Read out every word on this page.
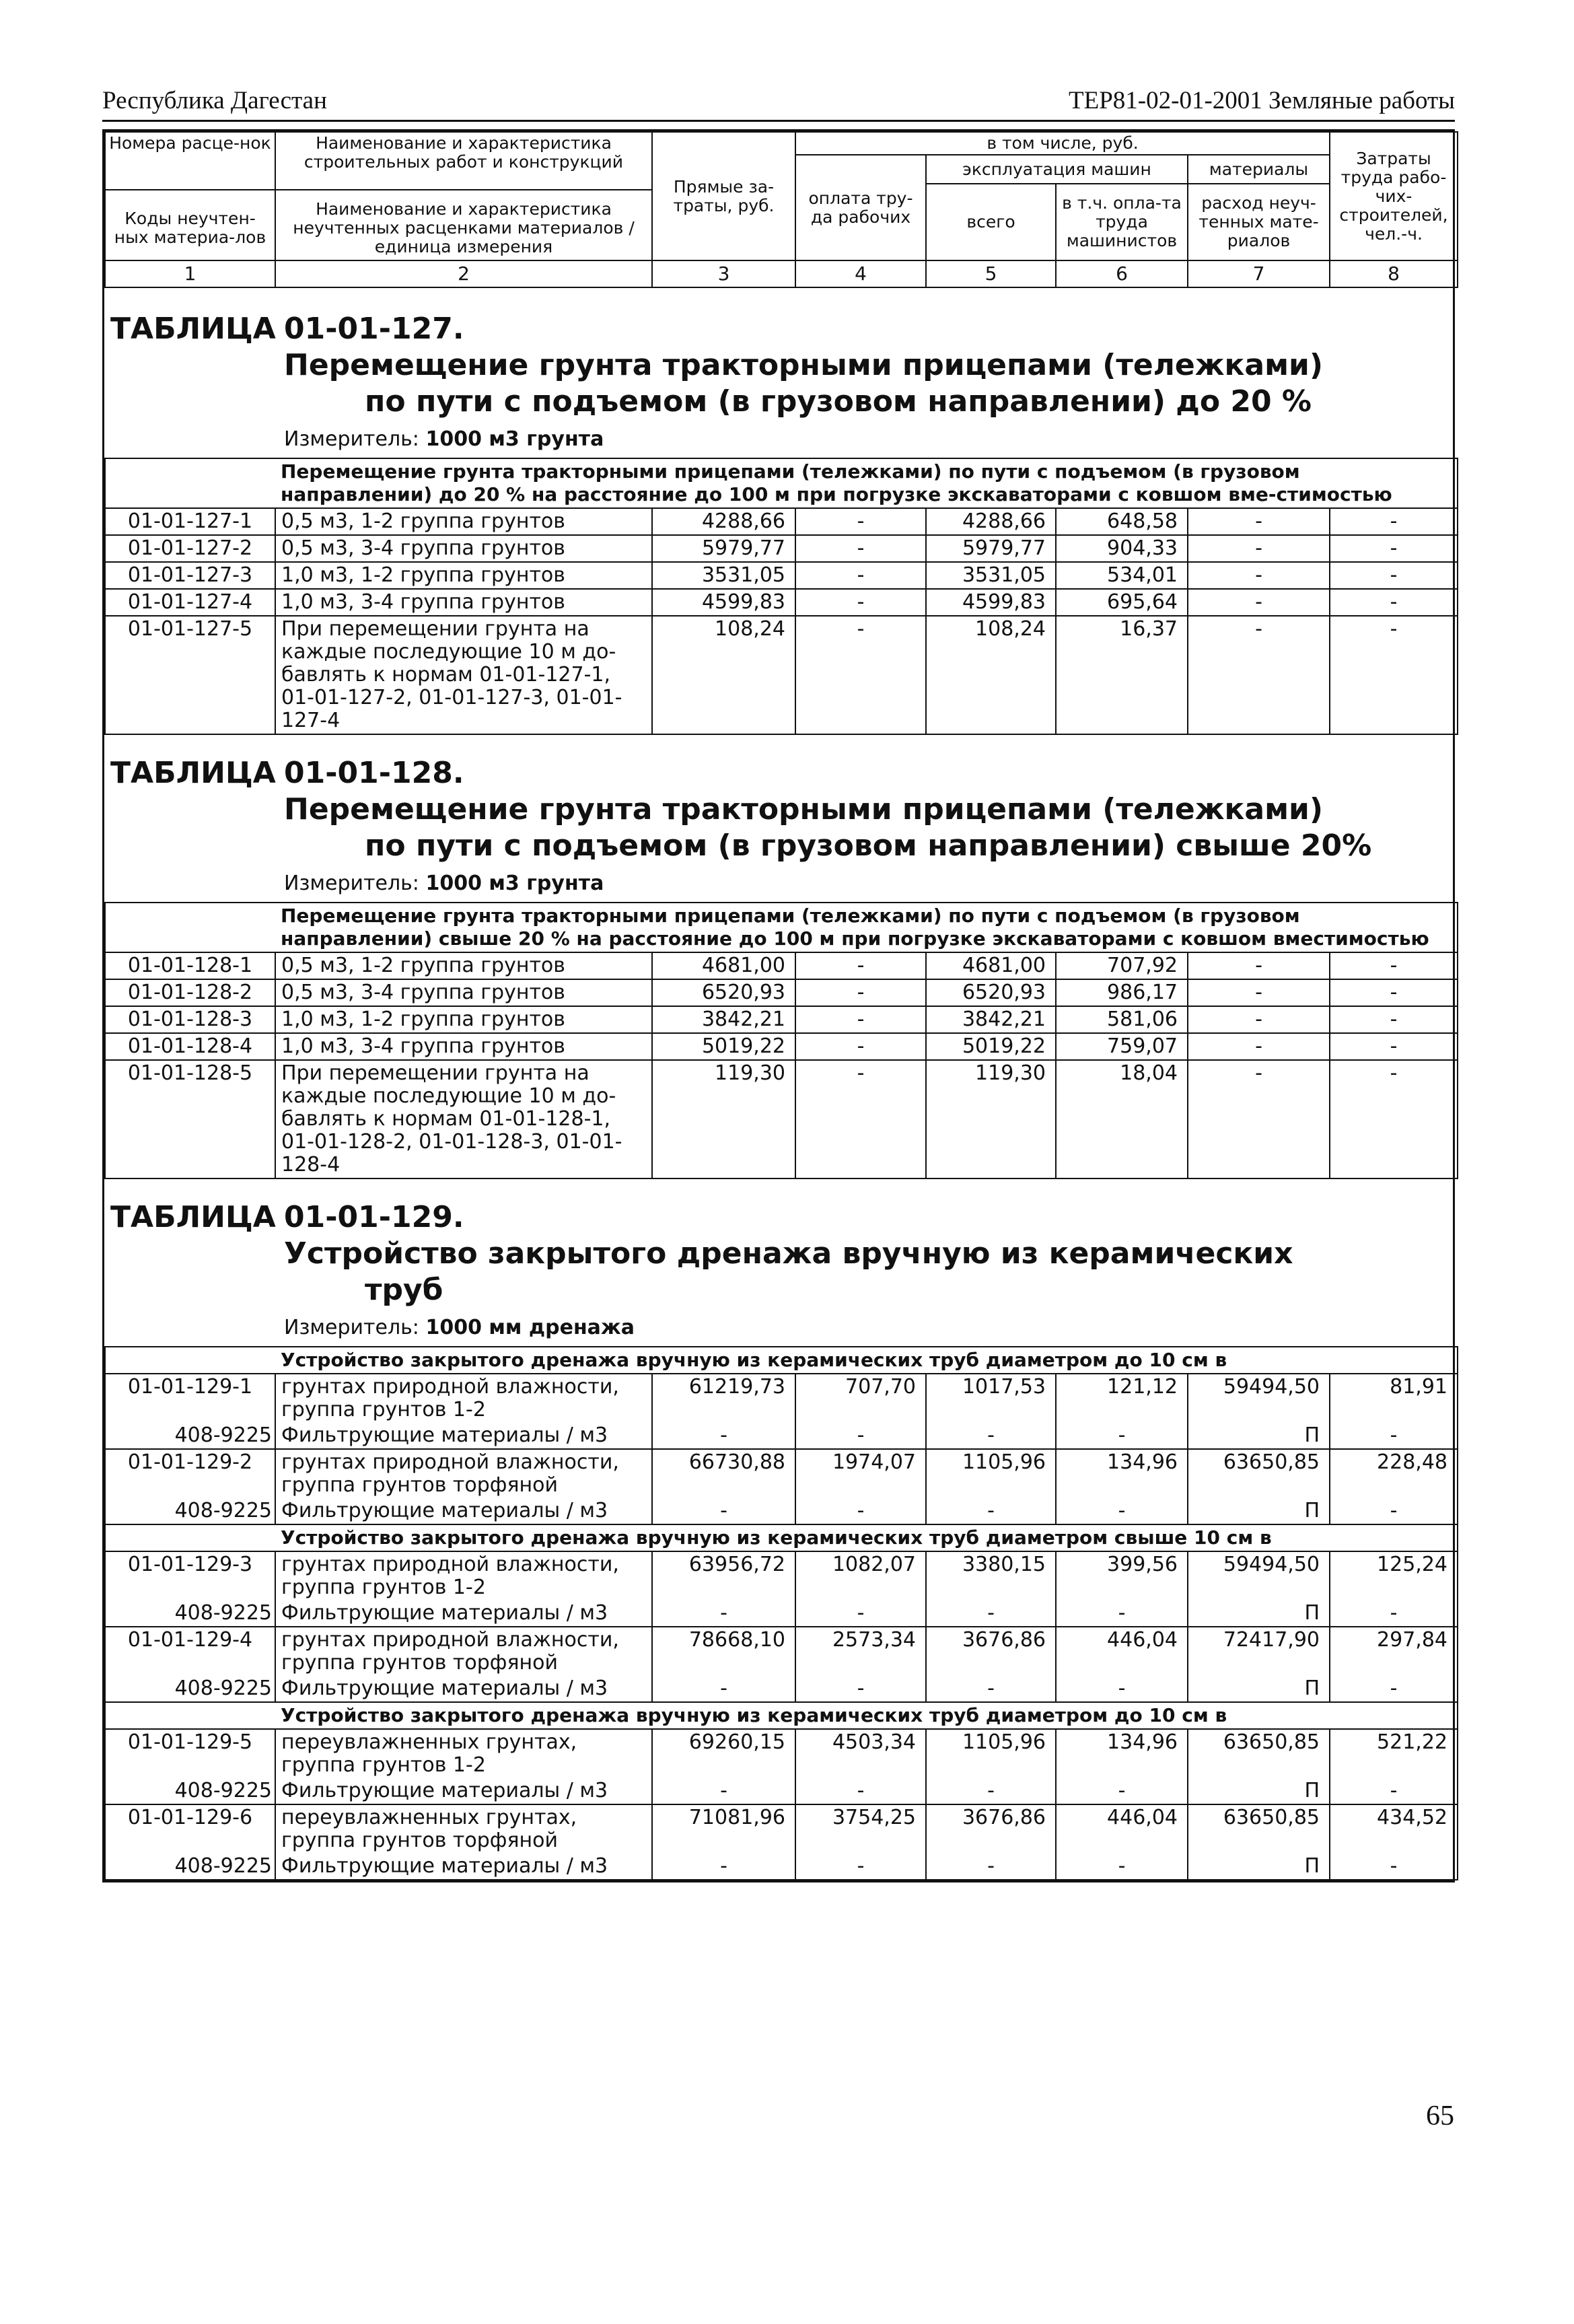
Республика Дагестан	ТЕР81-02-01-2001 Земляные работы
Номера расце-нок	Наименование и характеристика строительных работ и конструкций	Прямые за-траты, руб.	в том числе, руб.				Затраты труда рабо-чих-строителей, чел.-ч.
			оплата тру-да рабочих	эксплуатация машин		материалы	
				всего	в т.ч. опла-та труда машинистов	расход неуч-тенных мате-риалов	

Коды неучтен-ных материа-лов	Наименование и характеристика неучтенных расценками материалов / единица измерения						

1	2	3	4	5	6	7	8

ТАБЛИЦА 01-01-127.
Перемещение грунта тракторными прицепами (тележками)
по пути с подъемом (в грузовом направлении) до 20 %
Измеритель: 1000 м3 грунта							

	Перемещение грунта тракторными прицепами (тележками) по пути с подъемом (в грузовом направлении) до 20 % на расстояние до 100 м при погрузке экскаваторами с ковшом вме-стимостью						
01-01-127-1	0,5 м3, 1-2 группа грунтов	4288,66	-	4288,66	648,58	-	-
01-01-127-2	0,5 м3, 3-4 группа грунтов	5979,77	-	5979,77	904,33	-	-
01-01-127-3	1,0 м3, 1-2 группа грунтов	3531,05	-	3531,05	534,01	-	-
01-01-127-4	1,0 м3, 3-4 группа грунтов	4599,83	-	4599,83	695,64	-	-
01-01-127-5	При перемещении грунта на каждые последующие 10 м до-бавлять к нормам 01-01-127-1, 01-01-127-2, 01-01-127-3, 01-01-127-4	108,24	-	108,24	16,37	-	-

ТАБЛИЦА 01-01-128.
Перемещение грунта тракторными прицепами (тележками)
по пути с подъемом (в грузовом направлении) свыше 20%
Измеритель: 1000 м3 грунта							

	Перемещение грунта тракторными прицепами (тележками) по пути с подъемом (в грузовом направлении) свыше 20 % на расстояние до 100 м при погрузке экскаваторами с ковшом вместимостью						
01-01-128-1	0,5 м3, 1-2 группа грунтов	4681,00	-	4681,00	707,92	-	-
01-01-128-2	0,5 м3, 3-4 группа грунтов	6520,93	-	6520,93	986,17	-	-
01-01-128-3	1,0 м3, 1-2 группа грунтов	3842,21	-	3842,21	581,06	-	-
01-01-128-4	1,0 м3, 3-4 группа грунтов	5019,22	-	5019,22	759,07	-	-
01-01-128-5	При перемещении грунта на каждые последующие 10 м до-бавлять к нормам 01-01-128-1, 01-01-128-2, 01-01-128-3, 01-01-128-4	119,30	-	119,30	18,04	-	-

ТАБЛИЦА 01-01-129.
Устройство закрытого дренажа вручную из керамических
труб
Измеритель: 1000 мм дренажа							

	Устройство закрытого дренажа вручную из керамических труб диаметром до 10 см в						
01-01-129-1	грунтах природной влажности, группа грунтов 1-2	61219,73	707,70	1017,53	121,12	59494,50	81,91
408-9225	Фильтрующие материалы / м3	-	-	-	-	П	-
01-01-129-2	грунтах природной влажности, группа грунтов торфяной	66730,88	1974,07	1105,96	134,96	63650,85	228,48
408-9225	Фильтрующие материалы / м3	-	-	-	-	П	-
	Устройство закрытого дренажа вручную из керамических труб диаметром свыше 10 см в						
01-01-129-3	грунтах природной влажности, группа грунтов 1-2	63956,72	1082,07	3380,15	399,56	59494,50	125,24
408-9225	Фильтрующие материалы / м3	-	-	-	-	П	-
01-01-129-4	грунтах природной влажности, группа грунтов торфяной	78668,10	2573,34	3676,86	446,04	72417,90	297,84
408-9225	Фильтрующие материалы / м3	-	-	-	-	П	-
	Устройство закрытого дренажа вручную из керамических труб диаметром до 10 см в						
01-01-129-5	переувлажненных грунтах, группа грунтов 1-2	69260,15	4503,34	1105,96	134,96	63650,85	521,22
408-9225	Фильтрующие материалы / м3	-	-	-	-	П	-
01-01-129-6	переувлажненных грунтах, группа грунтов торфяной	71081,96	3754,25	3676,86	446,04	63650,85	434,52
408-9225	Фильтрующие материалы / м3	-	-	-	-	П	-
65
